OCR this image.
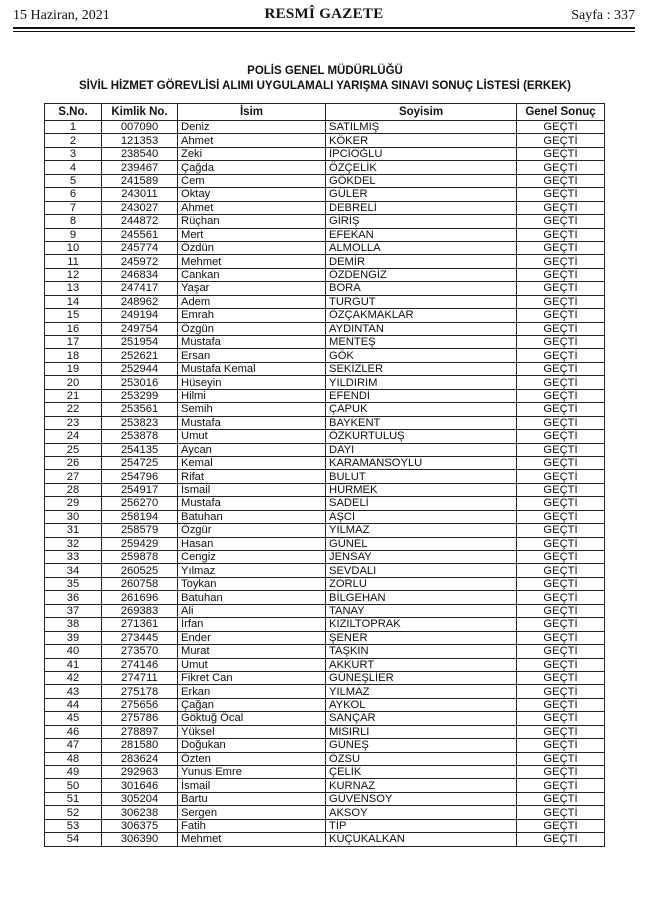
15 Haziran, 2021	RESMÎ GAZETE	Sayfa : 337
POLİS GENEL MÜDÜRLÜĞÜ
SİVİL HİZMET GÖREVLİSİ ALIMI UYGULAMALI YARIŞMA SINAVI SONUÇ LİSTESİ (ERKEK)
S.No.	Kimlik No.	İsim	Soyisim	Genel Sonuç
1	007090	Deniz	SATILMIŞ	GEÇTİ
2	121353	Ahmet	KÖKER	GEÇTİ
3	238540	Zeki	İPCİOĞLU	GEÇTİ
4	239467	Çağda	ÖZÇELİK	GEÇTİ
5	241589	Cem	GÖKDEL	GEÇTİ
6	243011	Oktay	GÜLER	GEÇTİ
7	243027	Ahmet	DEBRELİ	GEÇTİ
8	244872	Rüçhan	GİRİŞ	GEÇTİ
9	245561	Mert	EFEKAN	GEÇTİ
10	245774	Özdün	ALMOLLA	GEÇTİ
11	245972	Mehmet	DEMİR	GEÇTİ
12	246834	Cankan	ÖZDENGİZ	GEÇTİ
13	247417	Yaşar	BORA	GEÇTİ
14	248962	Adem	TURGUT	GEÇTİ
15	249194	Emrah	ÖZÇAKMAKLAR	GEÇTİ
16	249754	Özgün	AYDINTAN	GEÇTİ
17	251954	Mustafa	MENTEŞ	GEÇTİ
18	252621	Ersan	GÖK	GEÇTİ
19	252944	Mustafa Kemal	SEKİZLER	GEÇTİ
20	253016	Hüseyin	YILDIRIM	GEÇTİ
21	253299	Hilmi	EFENDİ	GEÇTİ
22	253561	Semih	ÇAPUK	GEÇTİ
23	253823	Mustafa	BAYKENT	GEÇTİ
24	253878	Umut	ÖZKURTULUŞ	GEÇTİ
25	254135	Aycan	DAYI	GEÇTİ
26	254725	Kemal	KARAMANSOYLU	GEÇTİ
27	254796	Rifat	BULUT	GEÇTİ
28	254917	İsmail	HÜRMEK	GEÇTİ
29	256270	Mustafa	SADELİ	GEÇTİ
30	258194	Batuhan	AŞCI	GEÇTİ
31	258579	Özgür	YILMAZ	GEÇTİ
32	259429	Hasan	GÜNEL	GEÇTİ
33	259878	Cengiz	JENSAY	GEÇTİ
34	260525	Yılmaz	SEVDALI	GEÇTİ
35	260758	Toykan	ZORLU	GEÇTİ
36	261696	Batuhan	BİLGEHAN	GEÇTİ
37	269383	Ali	TANAY	GEÇTİ
38	271361	İrfan	KIZILTOPRAK	GEÇTİ
39	273445	Ender	ŞENER	GEÇTİ
40	273570	Murat	TAŞKIN	GEÇTİ
41	274146	Umut	AKKURT	GEÇTİ
42	274711	Fikret Can	GÜNEŞLİER	GEÇTİ
43	275178	Erkan	YILMAZ	GEÇTİ
44	275656	Çağan	AYKOL	GEÇTİ
45	275786	Göktuğ Öcal	SANÇAR	GEÇTİ
46	278897	Yüksel	MISIRLI	GEÇTİ
47	281580	Doğukan	GÜNEŞ	GEÇTİ
48	283624	Özten	ÖZSU	GEÇTİ
49	292963	Yunus Emre	ÇELİK	GEÇTİ
50	301646	İsmail	KURNAZ	GEÇTİ
51	305204	Bartu	GÜVENSOY	GEÇTİ
52	306238	Sergen	AKSOY	GEÇTİ
53	306375	Fatih	TİP	GEÇTİ
54	306390	Mehmet	KÜÇÜKALKAN	GEÇTİ
